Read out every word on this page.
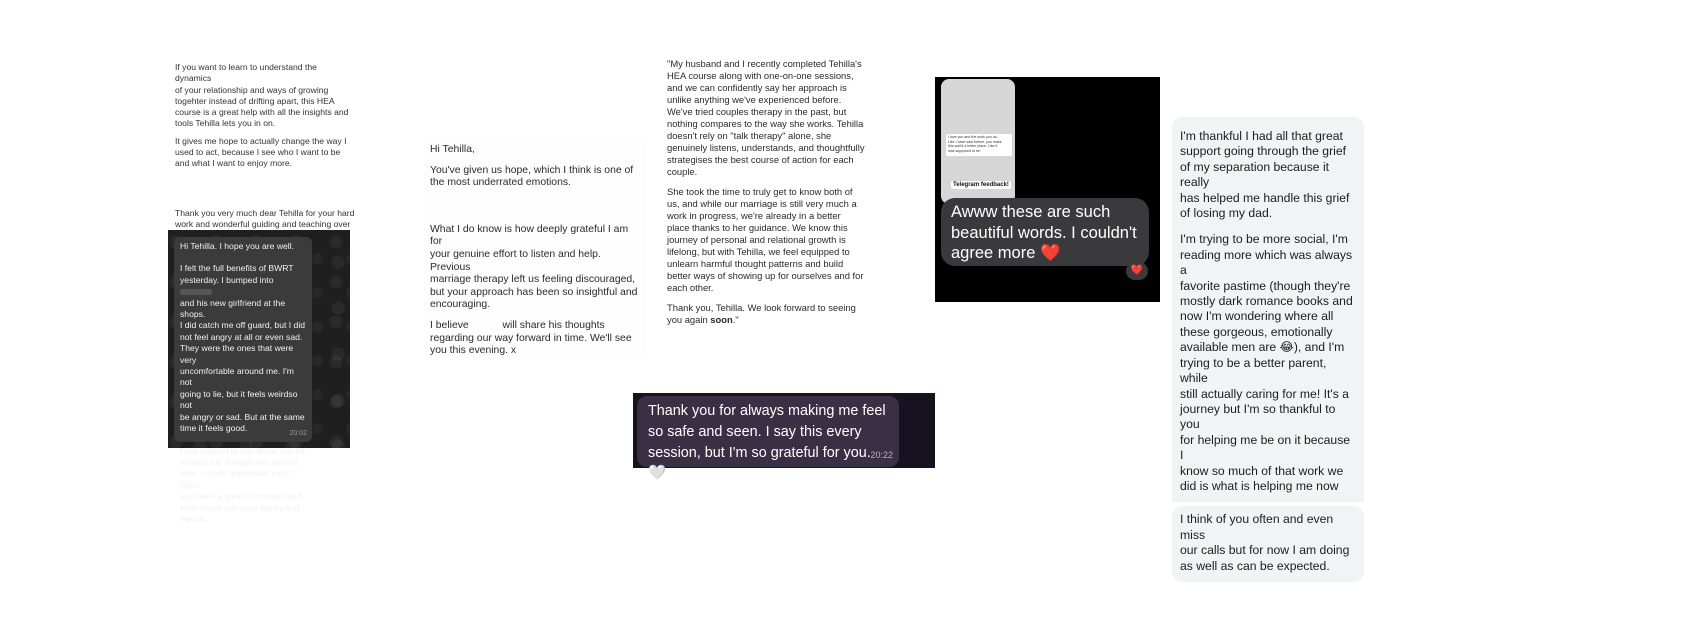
If you want to learn to understand the dynamics
of your relationship and ways of growing
togehter instead of drifting apart, this HEA
course is a great help with all the insights and
tools Tehilla lets you in on.

It gives me hope to actually change the way I
used to act, because I see who I want to be
and what I want to enjoy more.

Thank you very much dear Tehilla for your hard
work and wonderful guiding and teaching over

Hi Tehilla. I hope you are well.
I felt the full benefits of BWRT
yesterday. I bumped into
and his new girlfriend at the shops.
I did catch me off guard, but I did
not feel angry at all or even sad.
They were the ones that were very
uncomfortable around me. I'm not
going to lie, but it feels weirdso not
be angry or sad. But at the same
time it feels good.
I just wanted to say thank you for
helping me through this difficult
year. I really appreciate you. I hope
you have a good Christmas and
New Years with your family and
friends.
20:02

Hi Tehilla,

You've given us hope, which I think is one of
the most underrated emotions.

What I do know is how deeply grateful I am for
your genuine effort to listen and help. Previous
marriage therapy left us feeling discouraged,
but your approach has been so insightful and
encouraging.

I believe	will share his thoughts
regarding our way forward in time. We'll see
you this evening. x

"My husband and I recently completed Tehilla's
HEA course along with one-on-one sessions,
and we can confidently say her approach is
unlike anything we've experienced before.
We've tried couples therapy in the past, but
nothing compares to the way she works. Tehilla
doesn't rely on "talk therapy" alone, she
genuinely listens, understands, and thoughtfully
strategises the best course of action for each
couple.

She took the time to truly get to know both of
us, and while our marriage is still very much a
work in progress, we're already in a better
place thanks to her guidance. We know this
journey of personal and relational growth is
lifelong, but with Tehilla, we feel equipped to
unlearn harmful thought patterns and build
better ways of showing up for ourselves and for
each other.

Thank you, Tehilla. We look forward to seeing
you again soon."

I love you and the work you do.
Like I have said before, you make
this world a better place. Like it
was supposed to be.
Telegram feedback!
Awww these are such
beautiful words. I couldn't
agree more ❤️
❤️
Thank you for always making me feel
so safe and seen. I say this every
session, but I'm so grateful for you. 🤍
20:22
I'm thankful I had all that great
support going through the grief
of my separation because it really
has helped me handle this grief
of losing my dad.
I'm trying to be more social, I'm
reading more which was always a
favorite pastime (though they're
mostly dark romance books and
now I'm wondering where all
these gorgeous, emotionally
available men are 😂), and I'm
trying to be a better parent, while
still actually caring for me! It's a
journey but I'm so thankful to you
for helping me be on it because I
know so much of that work we
did is what is helping me now
I think of you often and even miss
our calls but for now I am doing
as well as can be expected.
